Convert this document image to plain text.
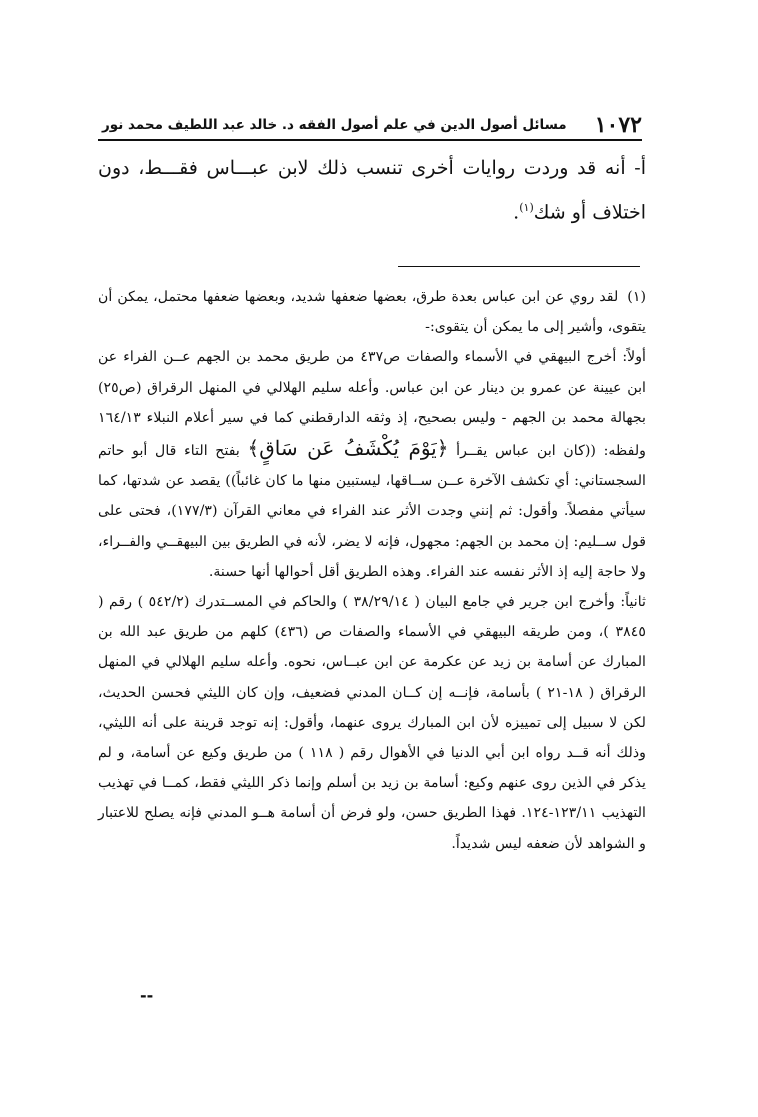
١٠٧٢
مسائل أصول الدين في علم أصول الفقه د. خالد عبد اللطيف محمد نور

أ- أنه قد وردت روايات أخرى تنسب ذلك لابن عبـــاس فقـــط، دون اختلاف أو شك$^{(١)}$.

(١) لقد روي عن ابن عباس بعدة طرق، بعضها ضعفها شديد، وبعضها ضعفها محتمل، يمكن أن يتقوى، وأشير إلى ما يمكن أن يتقوى:-

أولاً: أخرج البيهقي في الأسماء والصفات ص٤٣٧ من طريق محمد بن الجهم عــن الفراء عن ابن عيينة عن عمرو بن دينار عن ابن عباس. وأعله سليم الهلالي في المنهل الرقراق (ص٢٥) بجهالة محمد بن الجهم - وليس بصحيح، إذ وثقه الدارقطني كما في سير أعلام النبلاء ١٦٤/١٣ ولفظه: ((كان ابن عباس يقــرأ ﴿يَوْمَ يُكْشَفُ عَن سَاقٍ﴾ بفتح التاء قال أبو حاتم السجستاني: أي تكشف الآخرة عــن ســاقها، ليستبين منها ما كان غائباً)) يقصد عن شدتها، كما سيأتي مفصلاً. وأقول: ثم إنني وجدت الأثر عند الفراء في معاني القرآن (١٧٧/٣)، فحتى على قول ســليم: إن محمد بن الجهم: مجهول، فإنه لا يضر، لأنه في الطريق بين البيهقــي والفــراء، ولا حاجة إليه إذ الأثر نفسه عند الفراء. وهذه الطريق أقل أحوالها أنها حسنة.

ثانياً: وأخرج ابن جرير في جامع البيان ( ٣٨/٢٩/١٤ ) والحاكم في المســتدرك (٥٤٢/٢ ) رقم ( ٣٨٤٥ )، ومن طريقه البيهقي في الأسماء والصفات ص (٤٣٦) كلهم من طريق عبد الله بن المبارك عن أسامة بن زيد عن عكرمة عن ابن عبــاس، نحوه. وأعله سليم الهلالي في المنهل الرقراق ( ١٨-٢١ ) بأسامة، فإنــه إن كــان المدني فضعيف، وإن كان الليثي فحسن الحديث، لكن لا سبيل إلى تمييزه لأن ابن المبارك يروى عنهما، وأقول: إنه توجد قرينة على أنه الليثي، وذلك أنه قــد رواه ابن أبي الدنيا في الأهوال رقم ( ١١٨ ) من طريق وكيع عن أسامة، و لم يذكر في الذين روى عنهم وكيع: أسامة بن زيد بن أسلم وإنما ذكر الليثي فقط، كمــا في تهذيب التهذيب ١٢٣/١١-١٢٤. فهذا الطريق حسن، ولو فرض أن أسامة هــو المدني فإنه يصلح للاعتبار و الشواهد لأن ضعفه ليس شديداً.

--
